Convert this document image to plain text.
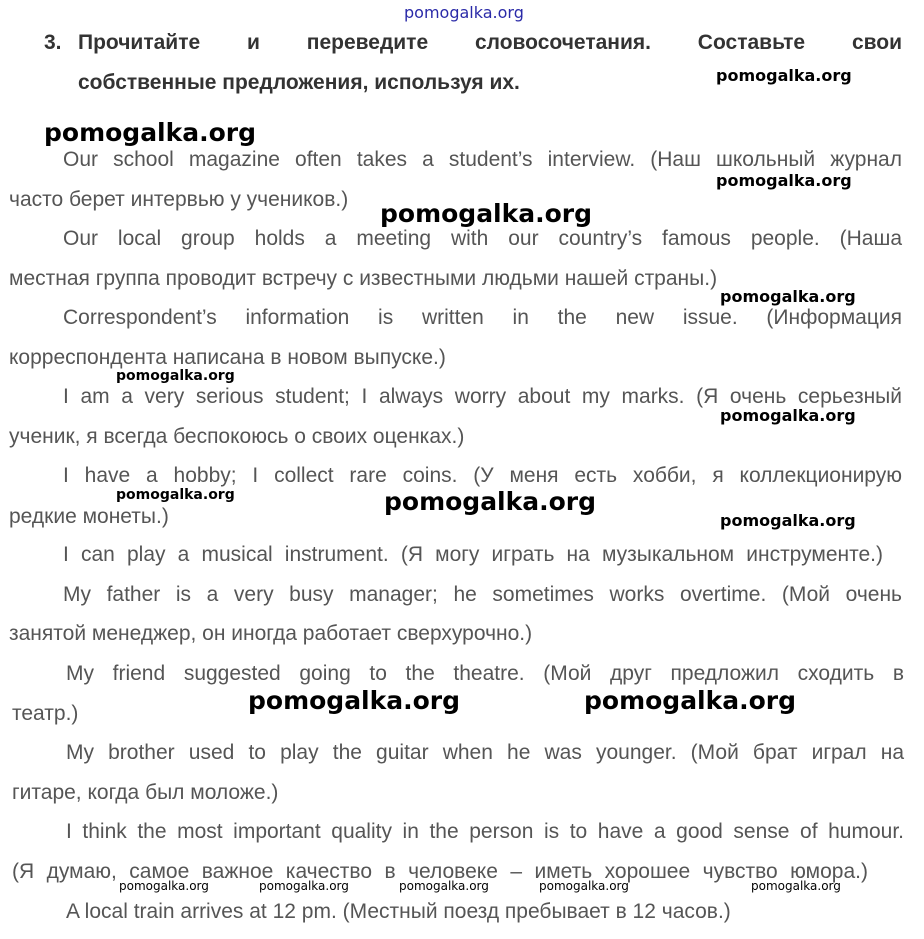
pomogalka.org
3. Прочитайте и переведите словосочетания. Составьте свои
собственные предложения, используя их.
Our school magazine often takes a student’s interview. (Наш школьный журнал
часто берет интервью у учеников.)
Our local group holds a meeting with our country’s famous people. (Наша
местная группа проводит встречу с известными людьми нашей страны.)
Correspondent’s information is written in the new issue. (Информация
корреспондента написана в новом выпуске.)
I am a very serious student; I always worry about my marks. (Я очень серьезный
ученик, я всегда беспокоюсь о своих оценках.)
I have a hobby; I collect rare coins. (У меня есть хобби, я коллекционирую
редкие монеты.)
I can play a musical instrument. (Я могу играть на музыкальном инструменте.)
My father is a very busy manager; he sometimes works overtime. (Мой очень
занятой менеджер, он иногда работает сверхурочно.)
My friend suggested going to the theatre. (Мой друг предложил сходить в
театр.)
My brother used to play the guitar when he was younger. (Мой брат играл на
гитаре, когда был моложе.)
I think the most important quality in the person is to have a good sense of humour.
(Я думаю, самое важное качество в человеке – иметь хорошее чувство юмора.)
A local train arrives at 12 pm. (Местный поезд пребывает в 12 часов.)
pomogalka.org
pomogalka.org
pomogalka.org
pomogalka.org
pomogalka.org
pomogalka.org
pomogalka.org
pomogalka.org	pomogalka.org
pomogalka.org
pomogalka.org	pomogalka.org
pomogalka.org	pomogalka.org	pomogalka.org	pomogalka.org	pomogalka.org
